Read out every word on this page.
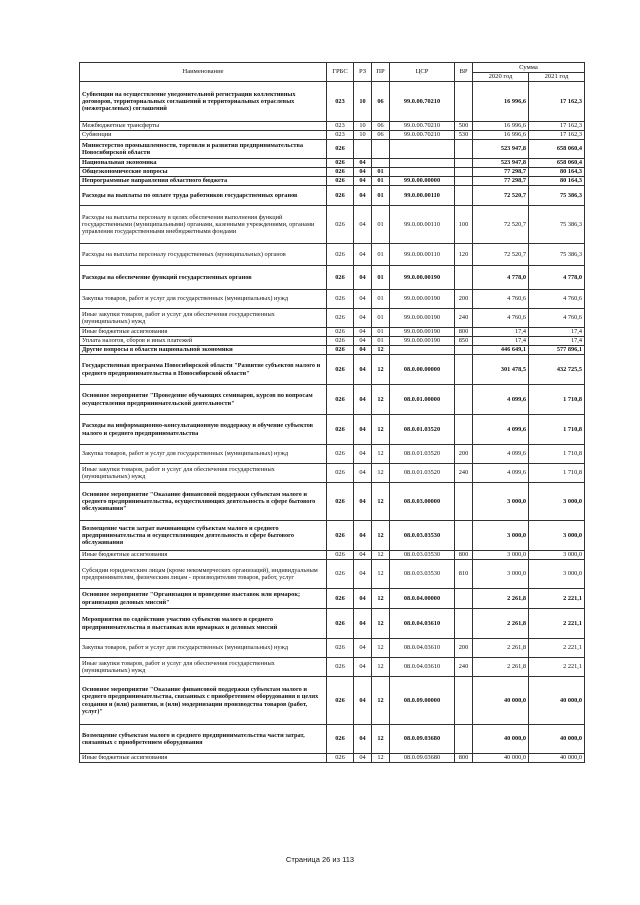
Наименование	ГРБС	РЗ	ПР	ЦСР	ВР	Сумма	
						2020 год	2021 год
Субвенции на осуществление уведомительной регистрации коллективных договоров, территориальных соглашений и территориальных отраслевых (межотраслевых) соглашений	023	10	06	99.0.00.70210		16 996,6	17 162,3
Межбюджетные трансферты	023	10	06	99.0.00.70210	500	16 996,6	17 162,3
Субвенции	023	10	06	99.0.00.70210	530	16 996,6	17 162,3
Министерство промышленности, торговли и развития предпринимательства Новосибирской области	026					523 947,8	658 060,4
Национальная экономика	026	04				523 947,8	658 060,4
Общеэкономические вопросы	026	04	01			77 298,7	80 164,3
Непрограммные направления областного бюджета	026	04	01	99.0.00.00000		77 298,7	80 164,3
Расходы на выплаты по оплате труда работников государственных органов	026	04	01	99.0.00.00110		72 520,7	75 386,3
Расходы на выплаты персоналу в целях обеспечения выполнения функций государственными (муниципальными) органами, казенными учреждениями, органами управления государственными внебюджетными фондами	026	04	01	99.0.00.00110	100	72 520,7	75 386,3
Расходы на выплаты персоналу государственных (муниципальных) органов	026	04	01	99.0.00.00110	120	72 520,7	75 386,3
Расходы на обеспечение функций государственных органов	026	04	01	99.0.00.00190		4 778,0	4 778,0
Закупка товаров, работ и услуг для государственных (муниципальных) нужд	026	04	01	99.0.00.00190	200	4 760,6	4 760,6
Иные закупки товаров, работ и услуг для обеспечения государственных (муниципальных) нужд	026	04	01	99.0.00.00190	240	4 760,6	4 760,6
Иные бюджетные ассигнования	026	04	01	99.0.00.00190	800	17,4	17,4
Уплата налогов, сборов и иных платежей	026	04	01	99.0.00.00190	850	17,4	17,4
Другие вопросы в области национальной экономики	026	04	12			446 649,1	577 896,1
Государственная программа Новосибирской области "Развитие субъектов малого и среднего предпринимательства в Новосибирской области"	026	04	12	08.0.00.00000		301 478,5	432 725,5
Основное мероприятие "Проведение обучающих семинаров, курсов по вопросам осуществления предпринимательской деятельности"	026	04	12	08.0.01.00000		4 099,6	1 710,8
Расходы на информационно-консультационную поддержку и обучение субъектов малого и среднего предпринимательства	026	04	12	08.0.01.03520		4 099,6	1 710,8
Закупка товаров, работ и услуг для государственных (муниципальных) нужд	026	04	12	08.0.01.03520	200	4 099,6	1 710,8
Иные закупки товаров, работ и услуг для обеспечения государственных (муниципальных) нужд	026	04	12	08.0.01.03520	240	4 099,6	1 710,8
Основное мероприятие "Оказание финансовой поддержки субъектам малого и среднего предпринимательства, осуществляющих деятельность в сфере бытового обслуживания"	026	04	12	08.0.03.00000		3 000,0	3 000,0
Возмещение части затрат начинающим субъектам малого и среднего предпринимательства и осуществляющим деятельность в сфере бытового обслуживания	026	04	12	08.0.03.03530		3 000,0	3 000,0
Иные бюджетные ассигнования	026	04	12	08.0.03.03530	800	3 000,0	3 000,0
Субсидии юридическим лицам (кроме некоммерческих организаций), индивидуальным предпринимателям, физическим лицам - производителям товаров, работ, услуг	026	04	12	08.0.03.03530	810	3 000,0	3 000,0
Основное мероприятие "Организация и проведение выставок или ярмарок; организация деловых миссий"	026	04	12	08.0.04.00000		2 261,8	2 221,1
Мероприятия по содействию участию субъектов малого и среднего предпринимательства в выставках или ярмарках и деловых миссий	026	04	12	08.0.04.03610		2 261,8	2 221,1
Закупка товаров, работ и услуг для государственных (муниципальных) нужд	026	04	12	08.0.04.03610	200	2 261,8	2 221,1
Иные закупки товаров, работ и услуг для обеспечения государственных (муниципальных) нужд	026	04	12	08.0.04.03610	240	2 261,8	2 221,1
Основное мероприятие "Оказание финансовой поддержки субъектам малого и среднего предпринимательства, связанных с приобретением оборудования в целях создания и (или) развития, и (или) модернизации производства товаров (работ, услуг)"	026	04	12	08.0.09.00000		40 000,0	40 000,0
Возмещение субъектам малого и среднего предпринимательства части затрат, связанных с приобретением оборудования	026	04	12	08.0.09.03680		40 000,0	40 000,0
Иные бюджетные ассигнования	026	04	12	08.0.09.03680	800	40 000,0	40 000,0
Страница 26 из 113
